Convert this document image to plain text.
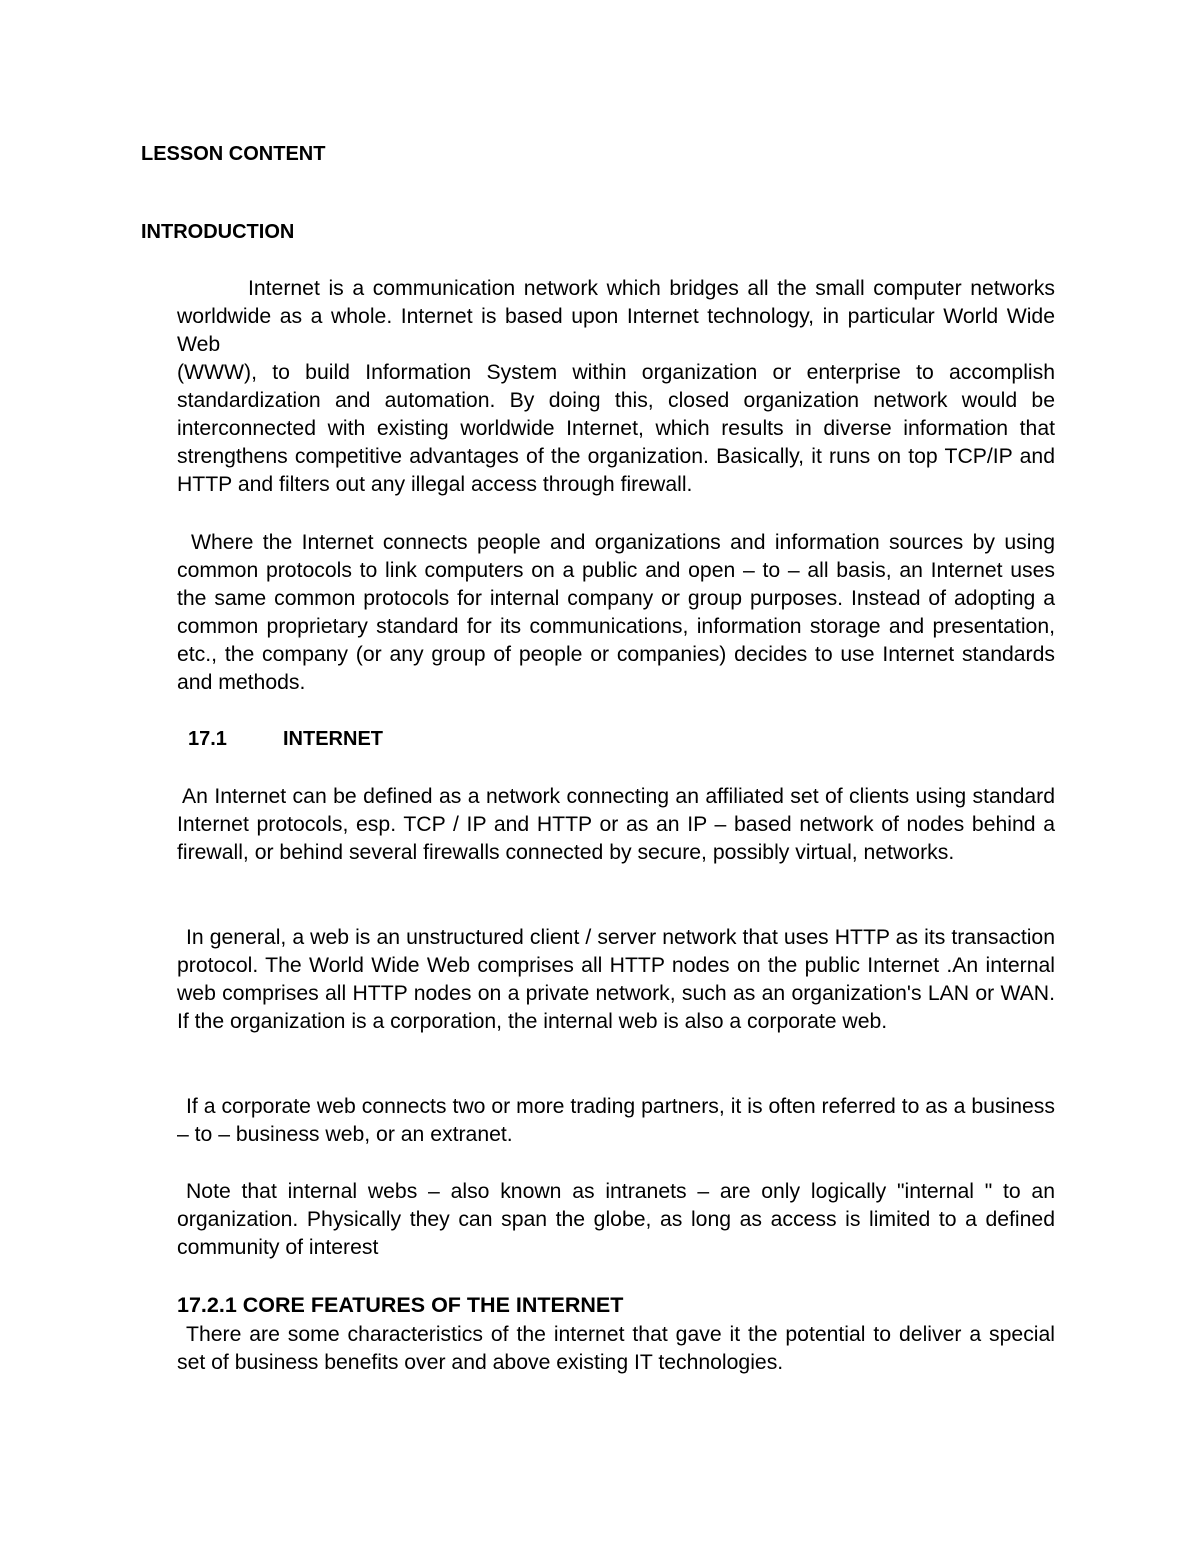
LESSON CONTENT
INTRODUCTION

Internet is a communication network which bridges all the small computer networks worldwide as a whole. Internet is based upon Internet technology, in particular World Wide Web

(WWW), to build Information System within organization or enterprise to accomplish standardization and automation. By doing this, closed organization network would be interconnected with existing worldwide Internet, which results in diverse information that strengthens competitive advantages of the organization. Basically, it runs on top TCP/IP and HTTP and filters out any illegal access through firewall.

Where the Internet connects people and organizations and information sources by using common protocols to link computers on a public and open – to – all basis, an Internet uses the same common protocols for internal company or group purposes. Instead of adopting a common proprietary standard for its communications, information storage and presentation, etc., the company (or any group of people or companies) decides to use Internet standards and methods.

17.1	INTERNET

An Internet can be defined as a network connecting an affiliated set of clients using standard Internet protocols, esp. TCP / IP and HTTP or as an IP – based network of nodes behind a firewall, or behind several firewalls connected by secure, possibly virtual, networks.

In general, a web is an unstructured client / server network that uses HTTP as its transaction protocol. The World Wide Web comprises all HTTP nodes on the public Internet .An internal web comprises all HTTP nodes on a private network, such as an organization's LAN or WAN. If the organization is a corporation, the internal web is also a corporate web.

If a corporate web connects two or more trading partners, it is often referred to as a business – to – business web, or an extranet.

Note that internal webs – also known as intranets – are only logically "internal " to an organization. Physically they can span the globe, as long as access is limited to a defined community of interest

17.2.1 CORE FEATURES OF THE INTERNET

There are some characteristics of the internet that gave it the potential to deliver a special set of business benefits over and above existing IT technologies.
